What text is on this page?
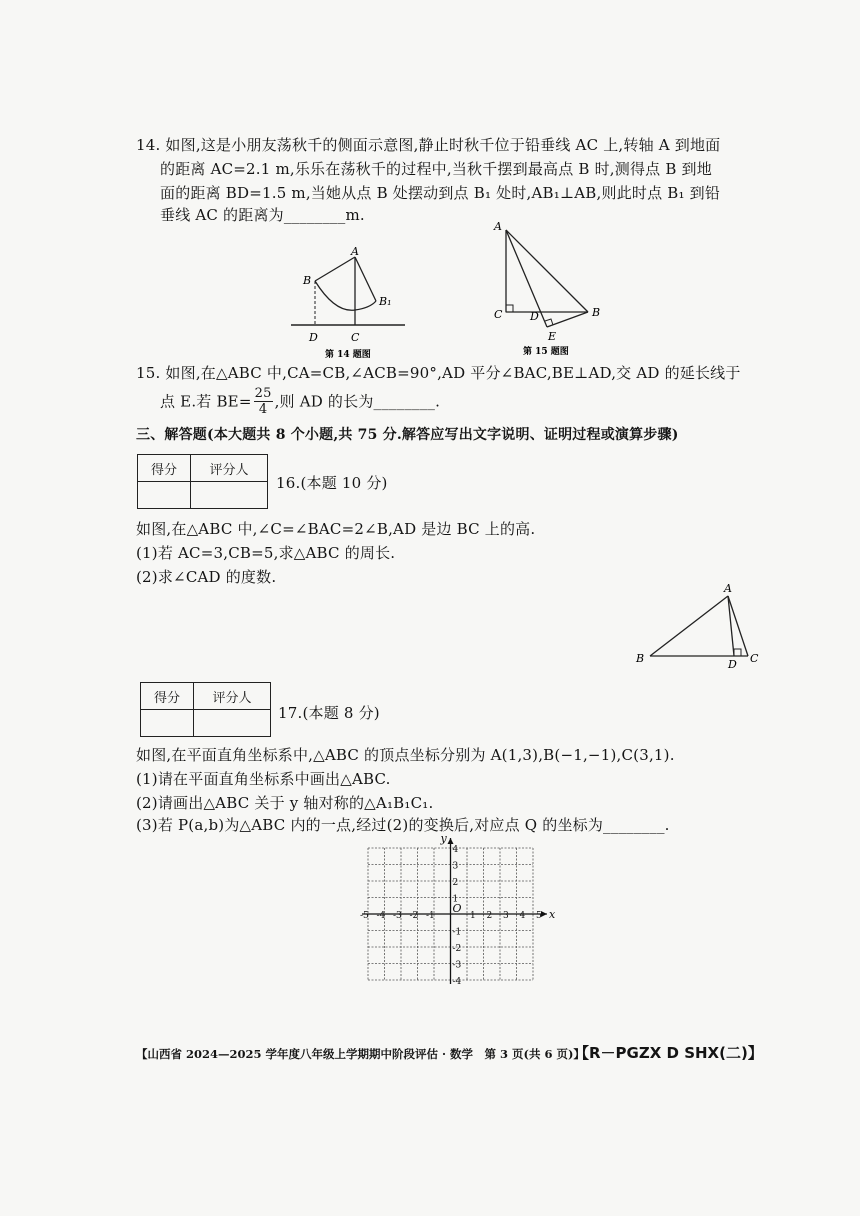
14. 如图,这是小朋友荡秋千的侧面示意图,静止时秋千位于铅垂线 AC 上,转轴 A 到地面
的距离 AC=2.1 m,乐乐在荡秋千的过程中,当秋千摆到最高点 B 时,测得点 B 到地
面的距离 BD=1.5 m,当她从点 B 处摆动到点 B₁ 处时,AB₁⊥AB,则此时点 B₁ 到铅
垂线 AC 的距离为________m.
A
B
B₁
D	C
第 14 题图
A
C	D	B
E
第 15 题图
15. 如图,在△ABC 中,CA=CB,∠ACB=90°,AD 平分∠BAC,BE⊥AD,交 AD 的延长线于
点 E.若 $BE= \frac{25}{4}$ ,则 AD 的长为________.
三、解答题(本大题共 8 个小题,共 75 分.解答应写出文字说明、证明过程或演算步骤)
得分	评分人

16.(本题 10 分)
如图,在△ABC 中,∠C=∠BAC=2∠B,AD 是边 BC 上的高.
(1)若 AC=3,CB=5,求△ABC 的周长.
(2)求∠CAD 的度数.
A
B	D C
得分	评分人

17.(本题 8 分)
如图,在平面直角坐标系中,△ABC 的顶点坐标分别为 A(1,3),B(−1,−1),C(3,1).
(1)请在平面直角坐标系中画出△ABC.
(2)请画出△ABC 关于 y 轴对称的△A₁B₁C₁.
(3)若 P(a,b)为△ABC 内的一点,经过(2)的变换后,对应点 Q 的坐标为________.
x
y
O
-5 -4 -3 -2 -1	1 2 3 4 5
4
3
2
1
-1
-2
-3
-4
【山西省 2024—2025 学年度八年级上学期期中阶段评估 · 数学　第 3 页(共 6 页)】
【R－PGZX D SHX(二)】
